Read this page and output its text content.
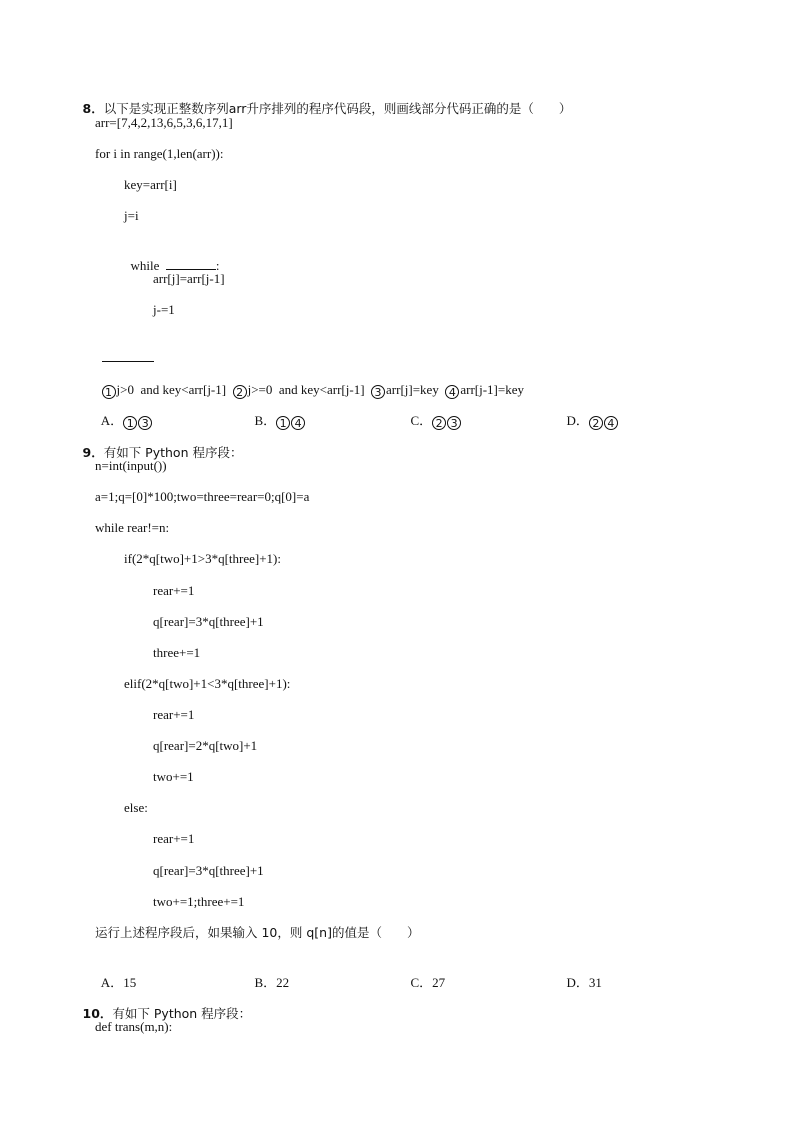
8．以下是实现正整数序列arr升序排列的程序代码段，则画线部分代码正确的是（　　）

arr=[7,4,2,13,6,5,3,6,17,1]
for i in range(1,len(arr)):
key=arr[i]
j=i

while	:

arr[j]=arr[j-1]
j-=1

1 j>0  and key<arr[j-1] 2 j>=0  and key<arr[j-1] 3 arr[j]=key 4 arr[j-1]=key

A． 1 3	B． 1 4	C． 2 3	D． 2 4

9．有如下 Python 程序段：

n=int(input())
a=1;q=[0]*100;two=three=rear=0;q[0]=a
while rear!=n:
if(2*q[two]+1>3*q[three]+1):
rear+=1
q[rear]=3*q[three]+1
three+=1
elif(2*q[two]+1<3*q[three]+1):
rear+=1
q[rear]=2*q[two]+1
two+=1
else:
rear+=1
q[rear]=3*q[three]+1
two+=1;three+=1
运行上述程序段后，如果输入 10，则 q[n]的值是（　　）

A．15	B．22	C．27	D．31

10．有如下 Python 程序段：

def trans(m,n):
